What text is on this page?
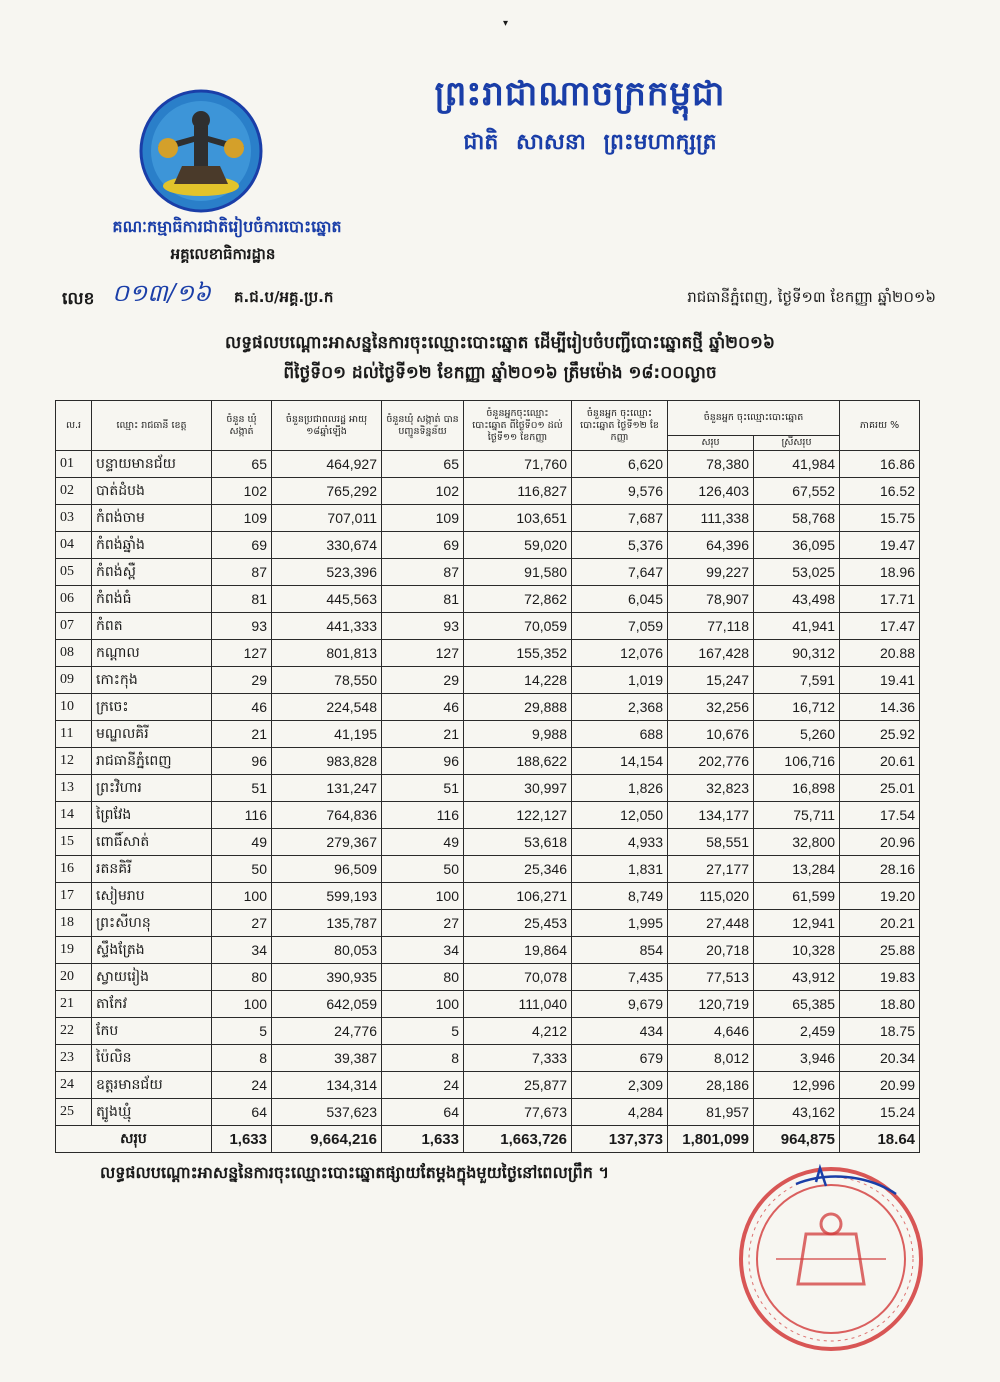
▾
ព្រះរាជាណាចក្រកម្ពុជា
ជាតិ សាសនា ព្រះមហាក្សត្រ
គណៈកម្មាធិការជាតិរៀបចំការបោះឆ្នោត
អគ្គលេខាធិការដ្ឋាន
លេខ ០១៣/១៦ គ.ជ.ប/អគ្គ.ប្រ.ក	រាជធានីភ្នំពេញ, ថ្ងៃទី១៣ ខែកញ្ញា ឆ្នាំ២០១៦
លទ្ធផលបណ្ដោះអាសន្ននៃការចុះឈ្មោះបោះឆ្នោត ដើម្បីរៀបចំបញ្ជីបោះឆ្នោតថ្មី ឆ្នាំ២០១៦
ពីថ្ងៃទី០១ ដល់ថ្ងៃទី១២ ខែកញ្ញា ឆ្នាំ២០១៦ ត្រឹមម៉ោង ១៨:០០ល្ងាច
ល.រ	ឈ្មោះ រាជធានី ខេត្ត	ចំនួន ឃុំ សង្កាត់	ចំនួនប្រជាពលរដ្ឋ អាយុ ១៨ឆ្នាំឡើង	ចំនួនឃុំ សង្កាត់ បានបញ្ជូនទិន្នន័យ	ចំនួនអ្នកចុះឈ្មោះ បោះឆ្នោត ពីថ្ងៃទី០១ ដល់ថ្ងៃទី១១ ខែកញ្ញា	ចំនួនអ្នក ចុះឈ្មោះបោះឆ្នោត ថ្ងៃទី១២ ខែកញ្ញា	ចំនួនអ្នក ចុះឈ្មោះបោះឆ្នោត		ភាគរយ %
							សរុប	ស្រីសរុប	
01	បន្ទាយមានជ័យ	65	464,927	65	71,760	6,620	78,380	41,984	16.86
02	បាត់ដំបង	102	765,292	102	116,827	9,576	126,403	67,552	16.52
03	កំពង់ចាម	109	707,011	109	103,651	7,687	111,338	58,768	15.75
04	កំពង់ឆ្នាំង	69	330,674	69	59,020	5,376	64,396	36,095	19.47
05	កំពង់ស្ពឺ	87	523,396	87	91,580	7,647	99,227	53,025	18.96
06	កំពង់ធំ	81	445,563	81	72,862	6,045	78,907	43,498	17.71
07	កំពត	93	441,333	93	70,059	7,059	77,118	41,941	17.47
08	កណ្ដាល	127	801,813	127	155,352	12,076	167,428	90,312	20.88
09	កោះកុង	29	78,550	29	14,228	1,019	15,247	7,591	19.41
10	ក្រចេះ	46	224,548	46	29,888	2,368	32,256	16,712	14.36
11	មណ្ឌលគិរី	21	41,195	21	9,988	688	10,676	5,260	25.92
12	រាជធានីភ្នំពេញ	96	983,828	96	188,622	14,154	202,776	106,716	20.61
13	ព្រះវិហារ	51	131,247	51	30,997	1,826	32,823	16,898	25.01
14	ព្រៃវែង	116	764,836	116	122,127	12,050	134,177	75,711	17.54
15	ពោធិ៍សាត់	49	279,367	49	53,618	4,933	58,551	32,800	20.96
16	រតនគិរី	50	96,509	50	25,346	1,831	27,177	13,284	28.16
17	សៀមរាប	100	599,193	100	106,271	8,749	115,020	61,599	19.20
18	ព្រះសីហនុ	27	135,787	27	25,453	1,995	27,448	12,941	20.21
19	ស្ទឹងត្រែង	34	80,053	34	19,864	854	20,718	10,328	25.88
20	ស្វាយរៀង	80	390,935	80	70,078	7,435	77,513	43,912	19.83
21	តាកែវ	100	642,059	100	111,040	9,679	120,719	65,385	18.80
22	កែប	5	24,776	5	4,212	434	4,646	2,459	18.75
23	ប៉ៃលិន	8	39,387	8	7,333	679	8,012	3,946	20.34
24	ឧត្ដរមានជ័យ	24	134,314	24	25,877	2,309	28,186	12,996	20.99
25	ត្បូងឃ្មុំ	64	537,623	64	77,673	4,284	81,957	43,162	15.24
សរុប		1,633	9,664,216	1,633	1,663,726	137,373	1,801,099	964,875	18.64
លទ្ធផលបណ្ដោះអាសន្ននៃការចុះឈ្មោះបោះឆ្នោតផ្សាយតែម្ដងក្នុងមួយថ្ងៃនៅពេលព្រឹក ។
